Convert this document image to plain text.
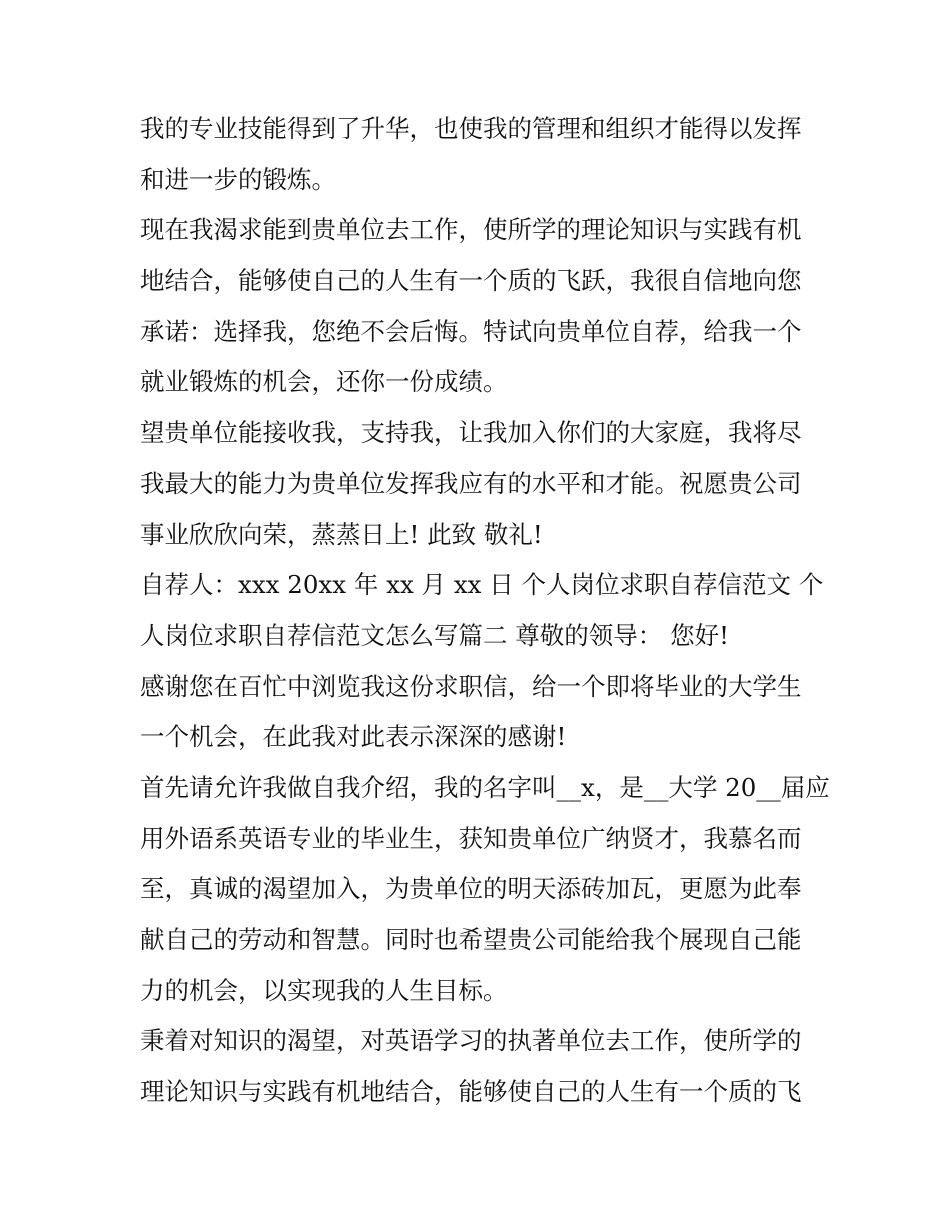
我的专业技能得到了升华，也使我的管理和组织才能得以发挥
和进一步的锻炼。
现在我渴求能到贵单位去工作，使所学的理论知识与实践有机
地结合，能够使自己的人生有一个质的飞跃，我很自信地向您
承诺：选择我，您绝不会后悔。特试向贵单位自荐，给我一个
就业锻炼的机会，还你一份成绩。
望贵单位能接收我，支持我，让我加入你们的大家庭，我将尽
我最大的能力为贵单位发挥我应有的水平和才能。祝愿贵公司
事业欣欣向荣，蒸蒸日上! 此致 敬礼!
自荐人：xxx 20xx 年 xx 月 xx 日 个人岗位求职自荐信范文 个
人岗位求职自荐信范文怎么写篇二 尊敬的领导： 您好!
感谢您在百忙中浏览我这份求职信，给一个即将毕业的大学生
一个机会，在此我对此表示深深的感谢!
首先请允许我做自我介绍，我的名字叫__x，是__大学 20__届应
用外语系英语专业的毕业生，获知贵单位广纳贤才，我慕名而
至，真诚的渴望加入，为贵单位的明天添砖加瓦，更愿为此奉
献自己的劳动和智慧。同时也希望贵公司能给我个展现自己能
力的机会，以实现我的人生目标。
秉着对知识的渴望，对英语学习的执著单位去工作，使所学的
理论知识与实践有机地结合，能够使自己的人生有一个质的飞
